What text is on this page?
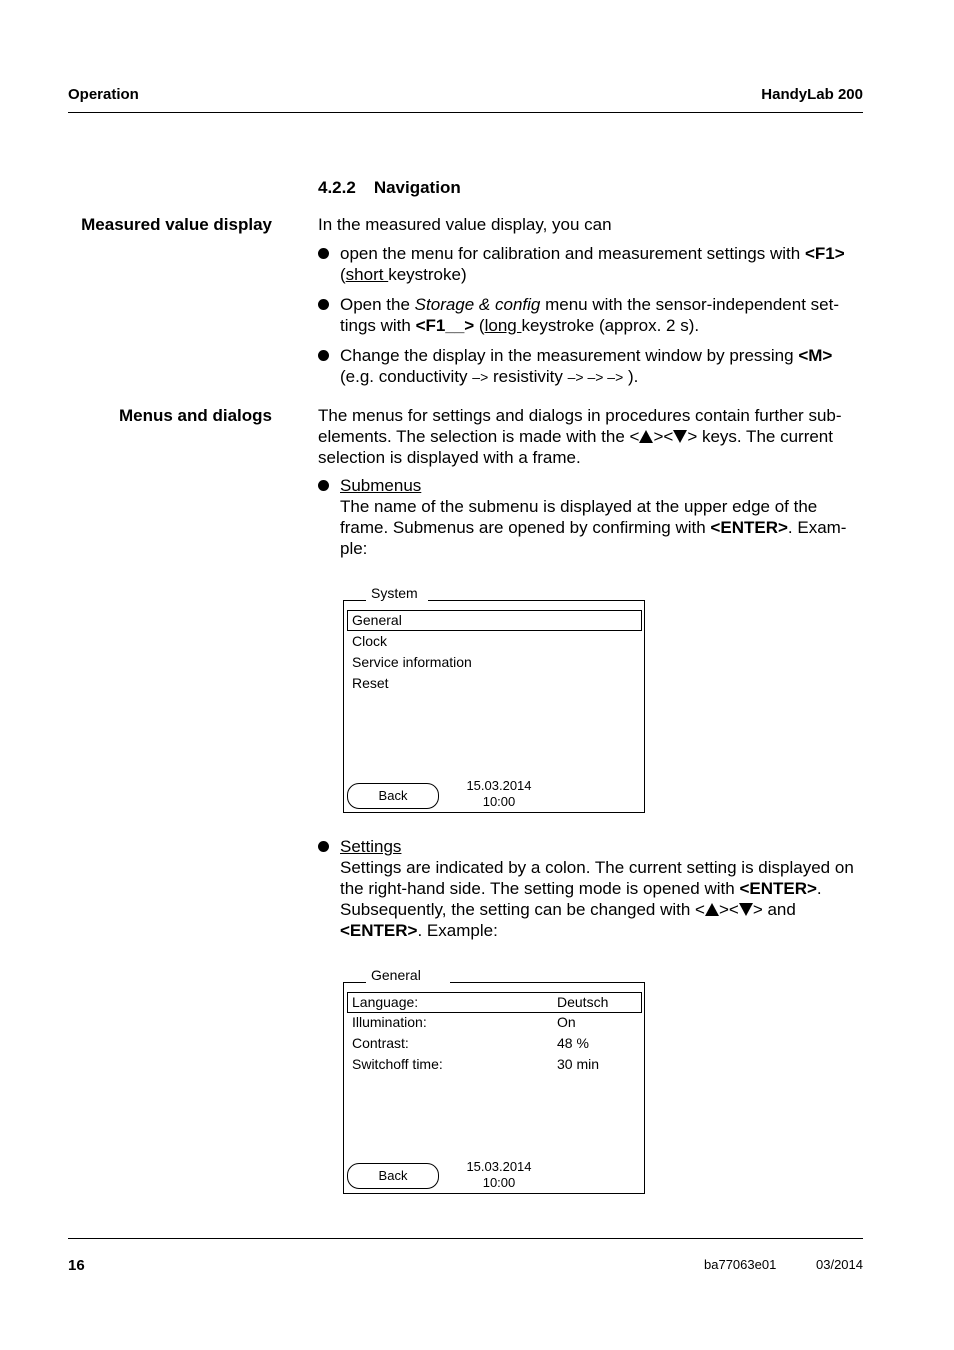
Operation	HandyLab 200
4.2.2 Navigation
Measured value display	In the measured value display, you can
open the menu for calibration and measurement settings with <F1>
(short keystroke)
Open the Storage & config menu with the sensor-independent set-
tings with <F1__> (long keystroke (approx. 2 s).
Change the display in the measurement window by pressing <M>
(e.g. conductivity –> resistivity –> –> –> ).
Menus and dialogs	The menus for settings and dialogs in procedures contain further sub-
elements. The selection is made with the < >< > keys. The current
selection is displayed with a frame.
Submenus
The name of the submenu is displayed at the upper edge of the
frame. Submenus are opened by confirming with <ENTER>. Exam-
ple:
System
General
Clock
Service information
Reset
Back
15.03.2014
10:00
Settings
Settings are indicated by a colon. The current setting is displayed on
the right-hand side. The setting mode is opened with <ENTER>.
Subsequently, the setting can be changed with < >< > and
<ENTER>. Example:
General
Language:	Deutsch
Illumination:	On
Contrast:	48 %
Switchoff time:	30 min
Back
15.03.2014
10:00
16	ba77063e01	03/2014
